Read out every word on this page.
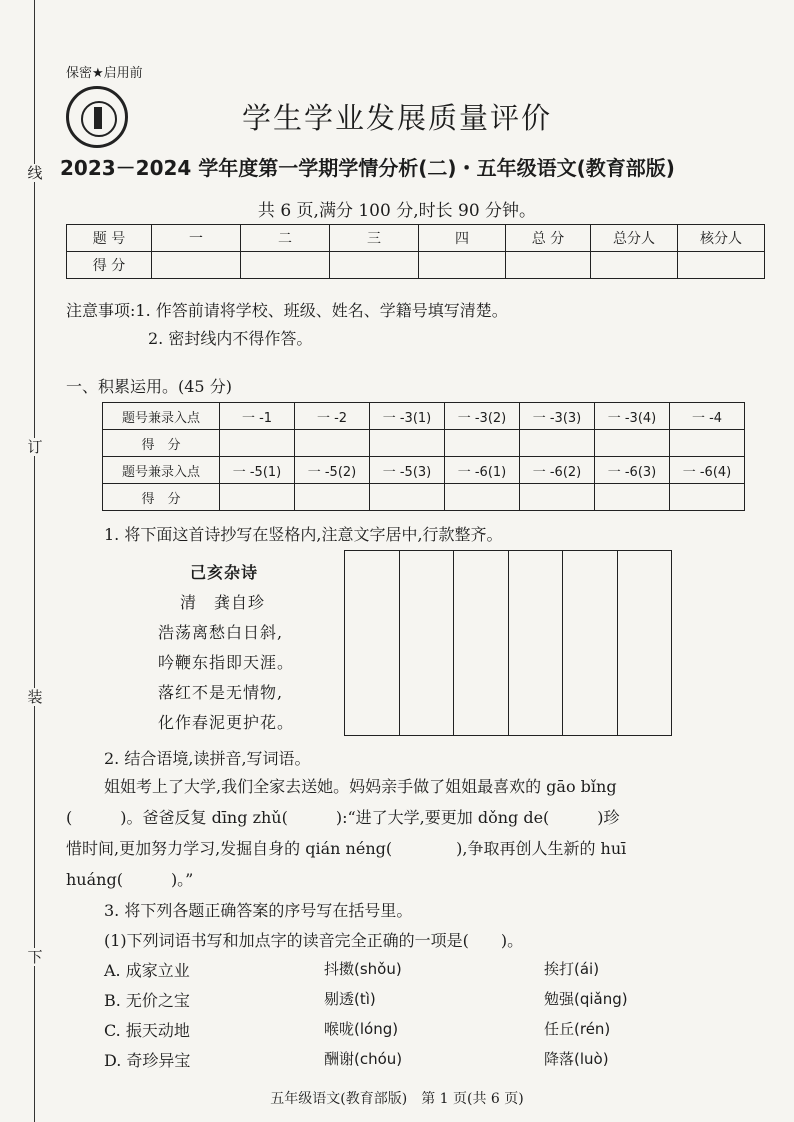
线
订
装
下
保密★启用前
学生学业发展质量评价
2023－2024 学年度第一学期学情分析(二)・五年级语文(教育部版)
共 6 页,满分 100 分,时长 90 分钟。
题 号	一	二	三	四	总 分	总分人	核分人
得 分							
注意事项:1. 作答前请将学校、班级、姓名、学籍号填写清楚。
2. 密封线内不得作答。
一、积累运用。(45 分)
题号兼录入点	一 -1	一 -2	一 -3(1)	一 -3(2)	一 -3(3)	一 -3(4)	一 -4
得　分							
题号兼录入点	一 -5(1)	一 -5(2)	一 -5(3)	一 -6(1)	一 -6(2)	一 -6(3)	一 -6(4)
得　分							
1. 将下面这首诗抄写在竖格内,注意文字居中,行款整齐。
己亥杂诗
清　龚自珍
浩荡离愁白日斜,
吟鞭东指即天涯。
落红不是无情物,
化作春泥更护花。
2. 结合语境,读拼音,写词语。
姐姐考上了大学,我们全家去送她。妈妈亲手做了姐姐最喜欢的 gāo bǐng
(　　　)。爸爸反复 dīng zhǔ(　　　):“进了大学,要更加 dǒng de(　　　)珍
惜时间,更加努力学习,发掘自身的 qián néng(　　　　),争取再创人生新的 huī
huáng(　　　)。”
3. 将下列各题正确答案的序号写在括号里。
(1)下列词语书写和加点字的读音完全正确的一项是(　　)。
A. 成家立业	抖擞(shǒu)	挨打(ái)
B. 无价之宝	剔透(tì)	勉强(qiǎng)
C. 振天动地	喉咙(lóng)	任丘(rén)
D. 奇珍异宝	酬谢(chóu)	降落(luò)
五年级语文(教育部版)　第 1 页(共 6 页)
